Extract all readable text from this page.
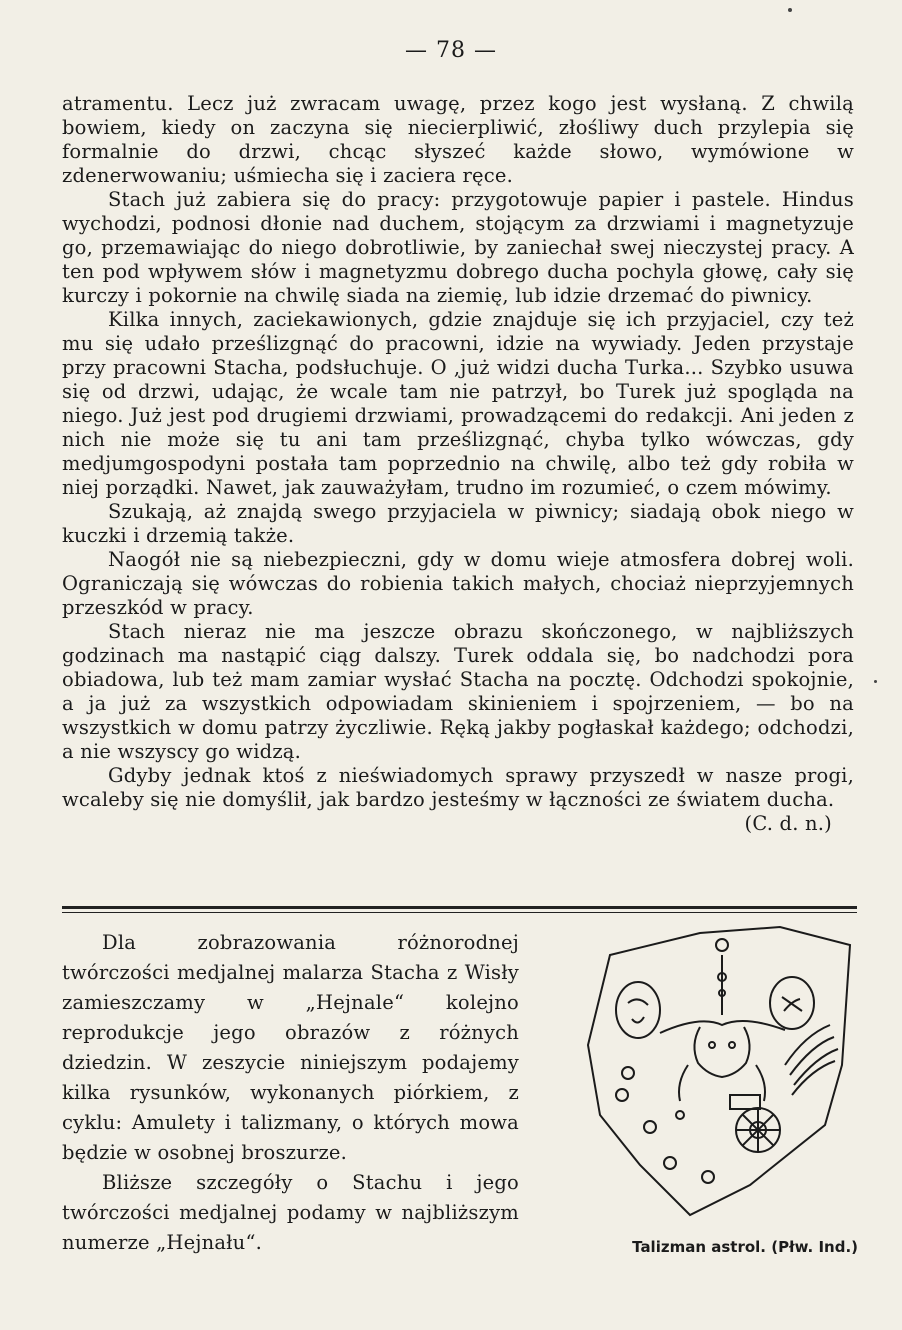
— 78 —

atramentu. Lecz już zwracam uwagę, przez kogo jest wysłaną. Z chwilą bowiem, kiedy on zaczyna się niecierpliwić, złośliwy duch przylepia się formalnie do drzwi, chcąc słyszeć każde słowo, wymówione w zdenerwowaniu; uśmiecha się i zaciera ręce.

Stach już zabiera się do pracy: przygotowuje papier i pastele. Hindus wychodzi, podnosi dłonie nad duchem, stojącym za drzwiami i magnetyzuje go, przemawiając do niego dobrotliwie, by zaniechał swej nieczystej pracy. A ten pod wpływem słów i magnetyzmu dobrego ducha pochyla głowę, cały się kurczy i pokornie na chwilę siada na ziemię, lub idzie drzemać do piwnicy.

Kilka innych, zaciekawionych, gdzie znajduje się ich przyjaciel, czy też mu się udało prześlizgnąć do pracowni, idzie na wywiady. Jeden przystaje przy pracowni Stacha, podsłuchuje. O ,już widzi ducha Turka... Szybko usuwa się od drzwi, udając, że wcale tam nie patrzył, bo Turek już spogląda na niego. Już jest pod drugiemi drzwiami, prowadzącemi do redakcji. Ani jeden z nich nie może się tu ani tam prześlizgnąć, chyba tylko wówczas, gdy medjumgospodyni postała tam poprzednio na chwilę, albo też gdy robiła w niej porządki. Nawet, jak zauważyłam, trudno im rozumieć, o czem mówimy.

Szukają, aż znajdą swego przyjaciela w piwnicy; siadają obok niego w kuczki i drzemią także.

Naogół nie są niebezpieczni, gdy w domu wieje atmosfera dobrej woli. Ograniczają się wówczas do robienia takich małych, chociaż nieprzyjemnych przeszkód w pracy.

Stach nieraz nie ma jeszcze obrazu skończonego, w najbliższych godzinach ma nastąpić ciąg dalszy. Turek oddala się, bo nadchodzi pora obiadowa, lub też mam zamiar wysłać Stacha na pocztę. Odchodzi spokojnie, a ja już za wszystkich odpowiadam skinieniem i spojrzeniem, — bo na wszystkich w domu patrzy życzliwie. Ręką jakby pogłaskał każdego; odchodzi, a nie wszyscy go widzą.

Gdyby jednak ktoś z nieświadomych sprawy przyszedł w nasze progi, wcaleby się nie domyślił, jak bardzo jesteśmy w łączności ze światem ducha.
(C. d. n.)

Dla zobrazowania różnorodnej twórczości medjalnej malarza Stacha z Wisły zamieszczamy w „Hejnale“ kolejno reprodukcje jego obrazów z różnych dziedzin. W zeszycie niniejszym podajemy kilka rysunków, wykonanych piórkiem, z cyklu: Amulety i talizmany, o których mowa będzie w osobnej broszurze.

Bliższe szczegóły o Stachu i jego twórczości medjalnej podamy w najbliższym numerze „Hejnału“.	Talizman astrol. (Płw. Ind.)
